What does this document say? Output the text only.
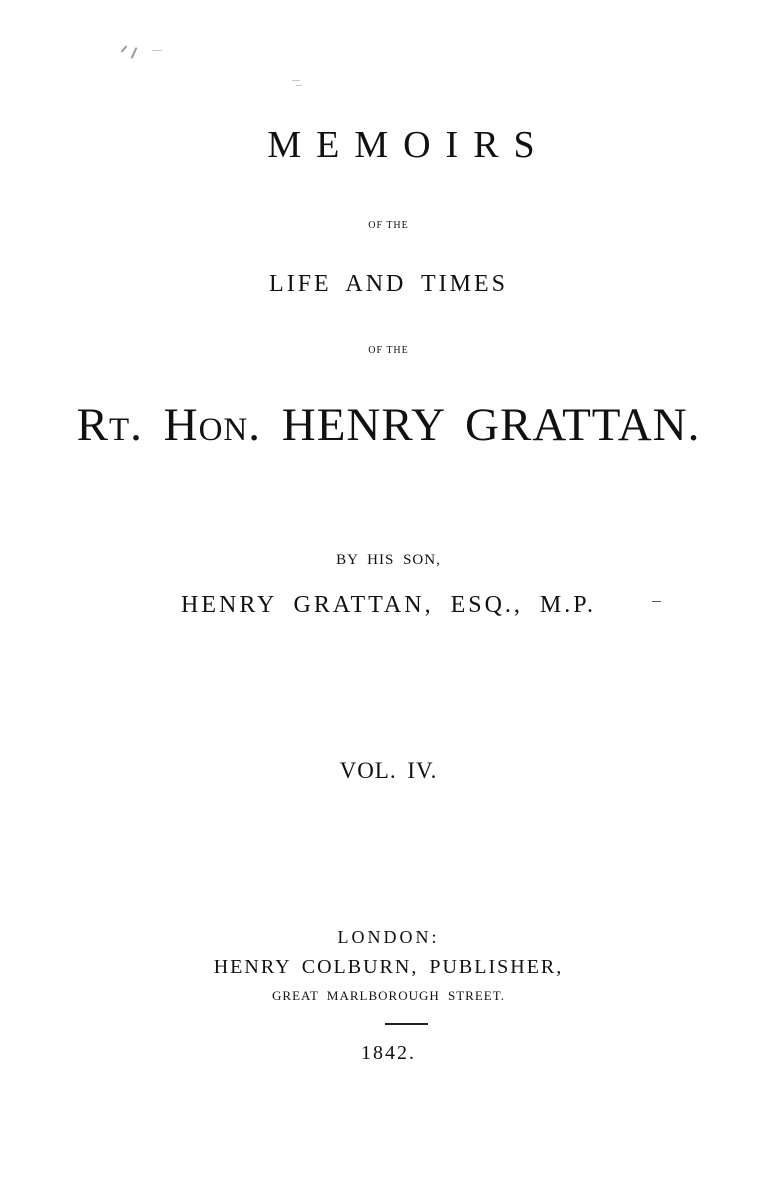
MEMOIRS
OF THE
LIFE AND TIMES
OF THE
Rt. Hon. HENRY GRATTAN.
BY HIS SON,
HENRY GRATTAN, ESQ., M.P.
VOL. IV.
LONDON:
HENRY COLBURN, PUBLISHER,
GREAT MARLBOROUGH STREET.
1842.
